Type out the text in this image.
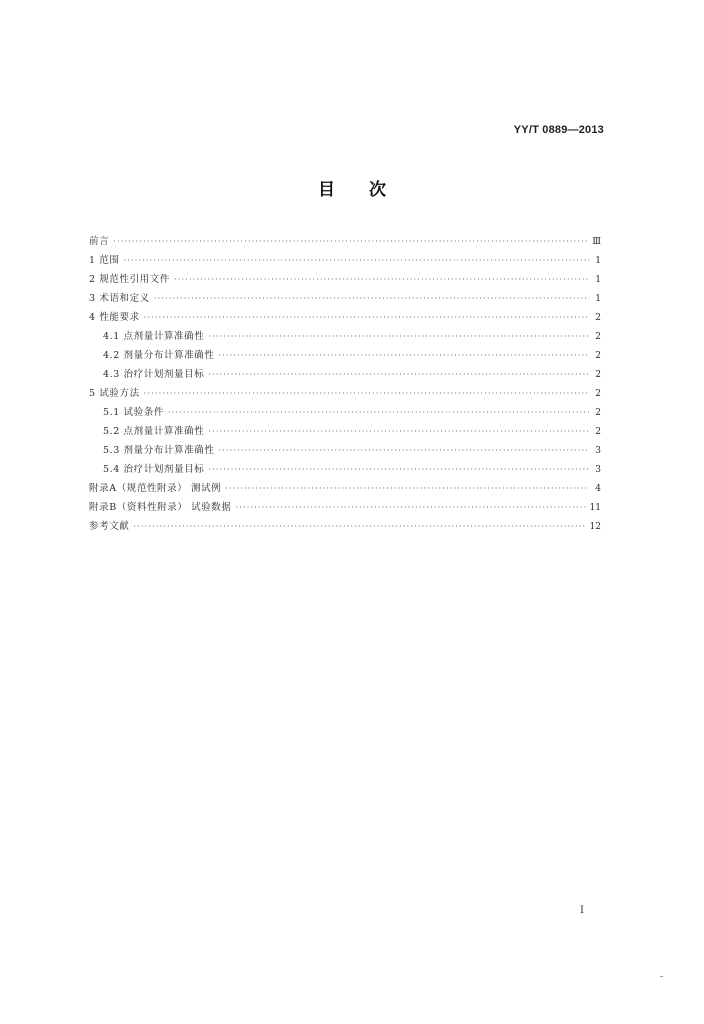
YY/T 0889—2013
目次
前言 ·····	Ⅲ
1 范围 ·····	1
2 规范性引用文件 ·····	1
3 术语和定义 ·····	1
4 性能要求 ·····	2
4.1 点剂量计算准确性 ·····	2
4.2 剂量分布计算准确性 ·····	2
4.3 治疗计划剂量目标 ·····	2
5 试验方法 ·····	2
5.1 试验条件 ·····	2
5.2 点剂量计算准确性 ·····	2
5.3 剂量分布计算准确性 ·····	3
5.4 治疗计划剂量目标 ·····	3
附录A（规范性附录） 测试例 ·····	4
附录B（资料性附录） 试验数据 ·····	11
参考文献 ·····	12
I
